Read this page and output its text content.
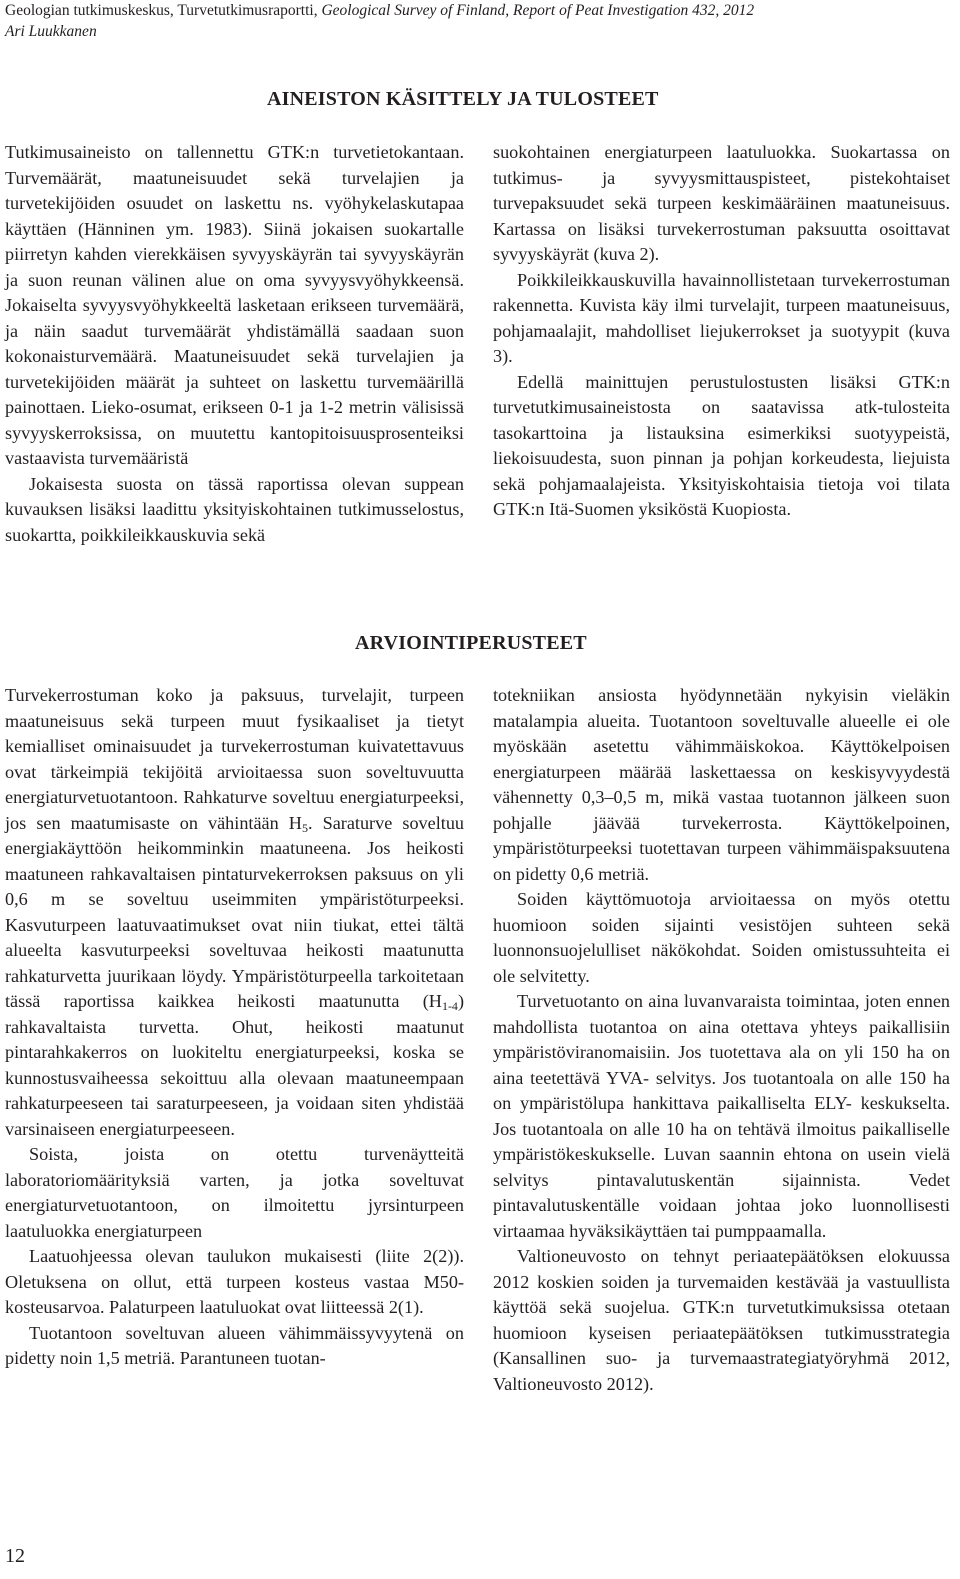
Geologian tutkimuskeskus, Turvetutkimusraportti, Geological Survey of Finland, Report of Peat Investigation 432, 2012
Ari Luukkanen
AINEISTON KÄSITTELY JA TULOSTEET

Tutkimusaineisto on tallennettu GTK:n turvetietokantaan. Turvemäärät, maatuneisuudet sekä turvelajien ja turvetekijöiden osuudet on laskettu ns. vyöhykelaskutapaa käyttäen (Hänninen ym. 1983). Siinä jokaisen suokartalle piirretyn kahden vierekkäisen syvyyskäyrän tai syvyyskäyrän ja suon reunan välinen alue on oma syvyysvyöhykkeensä. Jokaiselta syvyysvyöhykkeeltä lasketaan erikseen turvemäärä, ja näin saadut turvemäärät yhdistämällä saadaan suon kokonaisturvemäärä. Maatuneisuudet sekä turvelajien ja turvetekijöiden määrät ja suhteet on laskettu turvemäärillä painottaen. Lieko-osumat, erikseen 0-1 ja 1-2 metrin välisissä syvyyskerroksissa, on muutettu kantopitoisuusprosenteiksi vastaavista turvemääristä

Jokaisesta suosta on tässä raportissa olevan suppean kuvauksen lisäksi laadittu yksityiskohtainen tutkimusselostus, suokartta, poikkileikkauskuvia sekä

suokohtainen energiaturpeen laatuluokka. Suokartassa on tutkimus- ja syvyysmittauspisteet, pistekohtaiset turvepaksuudet sekä turpeen keskimääräinen maatuneisuus. Kartassa on lisäksi turvekerrostuman paksuutta osoittavat syvyyskäyrät (kuva 2).

Poikkileikkauskuvilla havainnollistetaan turvekerrostuman rakennetta. Kuvista käy ilmi turvelajit, turpeen maatuneisuus, pohjamaalajit, mahdolliset liejukerrokset ja suotyypit (kuva 3).

Edellä mainittujen perustulostusten lisäksi GTK:n turvetutkimusaineistosta on saatavissa atk-tulosteita tasokarttoina ja listauksina esimerkiksi suotyypeistä, liekoisuudesta, suon pinnan ja pohjan korkeudesta, liejuista sekä pohjamaalajeista. Yksityiskohtaisia tietoja voi tilata GTK:n Itä-Suomen yksiköstä Kuopiosta.

ARVIOINTIPERUSTEET

Turvekerrostuman koko ja paksuus, turvelajit, turpeen maatuneisuus sekä turpeen muut fysikaaliset ja tietyt kemialliset ominaisuudet ja turvekerrostuman kuivatettavuus ovat tärkeimpiä tekijöitä arvioitaessa suon soveltuvuutta energiaturvetuotantoon. Rahkaturve soveltuu energiaturpeeksi, jos sen maatumisaste on vähintään $H_5$. Saraturve soveltuu energiakäyttöön heikomminkin maatuneena. Jos heikosti maatuneen rahkavaltaisen pintaturvekerroksen paksuus on yli 0,6 m se soveltuu useimmiten ympäristöturpeeksi. Kasvuturpeen laatuvaatimukset ovat niin tiukat, ettei tältä alueelta kasvuturpeeksi soveltuvaa heikosti maatunutta rahkaturvetta juurikaan löydy. Ympäristöturpeella tarkoitetaan tässä raportissa kaikkea heikosti maatunutta $(H_{1-4})$ rahkavaltaista turvetta. Ohut, heikosti maatunut pintarahkakerros on luokiteltu energiaturpeeksi, koska se kunnostusvaiheessa sekoittuu alla olevaan maatuneempaan rahkaturpeeseen tai saraturpeeseen, ja voidaan siten yhdistää varsinaiseen energiaturpeeseen.

Soista, joista on otettu turvenäytteitä laboratoriomäärityksiä varten, ja jotka soveltuvat energiaturvetuotantoon, on ilmoitettu jyrsinturpeen laatuluokka energiaturpeen

Laatuohjeessa olevan taulukon mukaisesti (liite 2(2)). Oletuksena on ollut, että turpeen kosteus vastaa M50-kosteusarvoa. Palaturpeen laatuluokat ovat liitteessä 2(1).

Tuotantoon soveltuvan alueen vähimmäissyvyytenä on pidetty noin 1,5 metriä. Parantuneen tuotan-

totekniikan ansiosta hyödynnetään nykyisin vieläkin matalampia alueita. Tuotantoon soveltuvalle alueelle ei ole myöskään asetettu vähimmäiskokoa. Käyttökelpoisen energiaturpeen määrää laskettaessa on keskisyvyydestä vähennetty 0,3–0,5 m, mikä vastaa tuotannon jälkeen suon pohjalle jäävää turvekerrosta. Käyttökelpoinen, ympäristöturpeeksi tuotettavan turpeen vähimmäispaksuutena on pidetty 0,6 metriä.

Soiden käyttömuotoja arvioitaessa on myös otettu huomioon soiden sijainti vesistöjen suhteen sekä luonnonsuojelulliset näkökohdat. Soiden omistussuhteita ei ole selvitetty.

Turvetuotanto on aina luvanvaraista toimintaa, joten ennen mahdollista tuotantoa on aina otettava yhteys paikallisiin ympäristöviranomaisiin. Jos tuotettava ala on yli 150 ha on aina teetettävä YVA- selvitys. Jos tuotantoala on alle 150 ha on ympäristölupa hankittava paikalliselta ELY- keskukselta. Jos tuotantoala on alle 10 ha on tehtävä ilmoitus paikalliselle ympäristökeskukselle. Luvan saannin ehtona on usein vielä selvitys pintavalutuskentän sijainnista. Vedet pintavalutuskentälle voidaan johtaa joko luonnollisesti virtaamaa hyväksikäyttäen tai pumppaamalla.

Valtioneuvosto on tehnyt periaatepäätöksen elokuussa 2012 koskien soiden ja turvemaiden kestävää ja vastuullista käyttöä sekä suojelua. GTK:n turvetutkimuksissa otetaan huomioon kyseisen periaatepäätöksen tutkimusstrategia (Kansallinen suo- ja turvemaastrategiatyöryhmä 2012, Valtioneuvosto 2012).

12
